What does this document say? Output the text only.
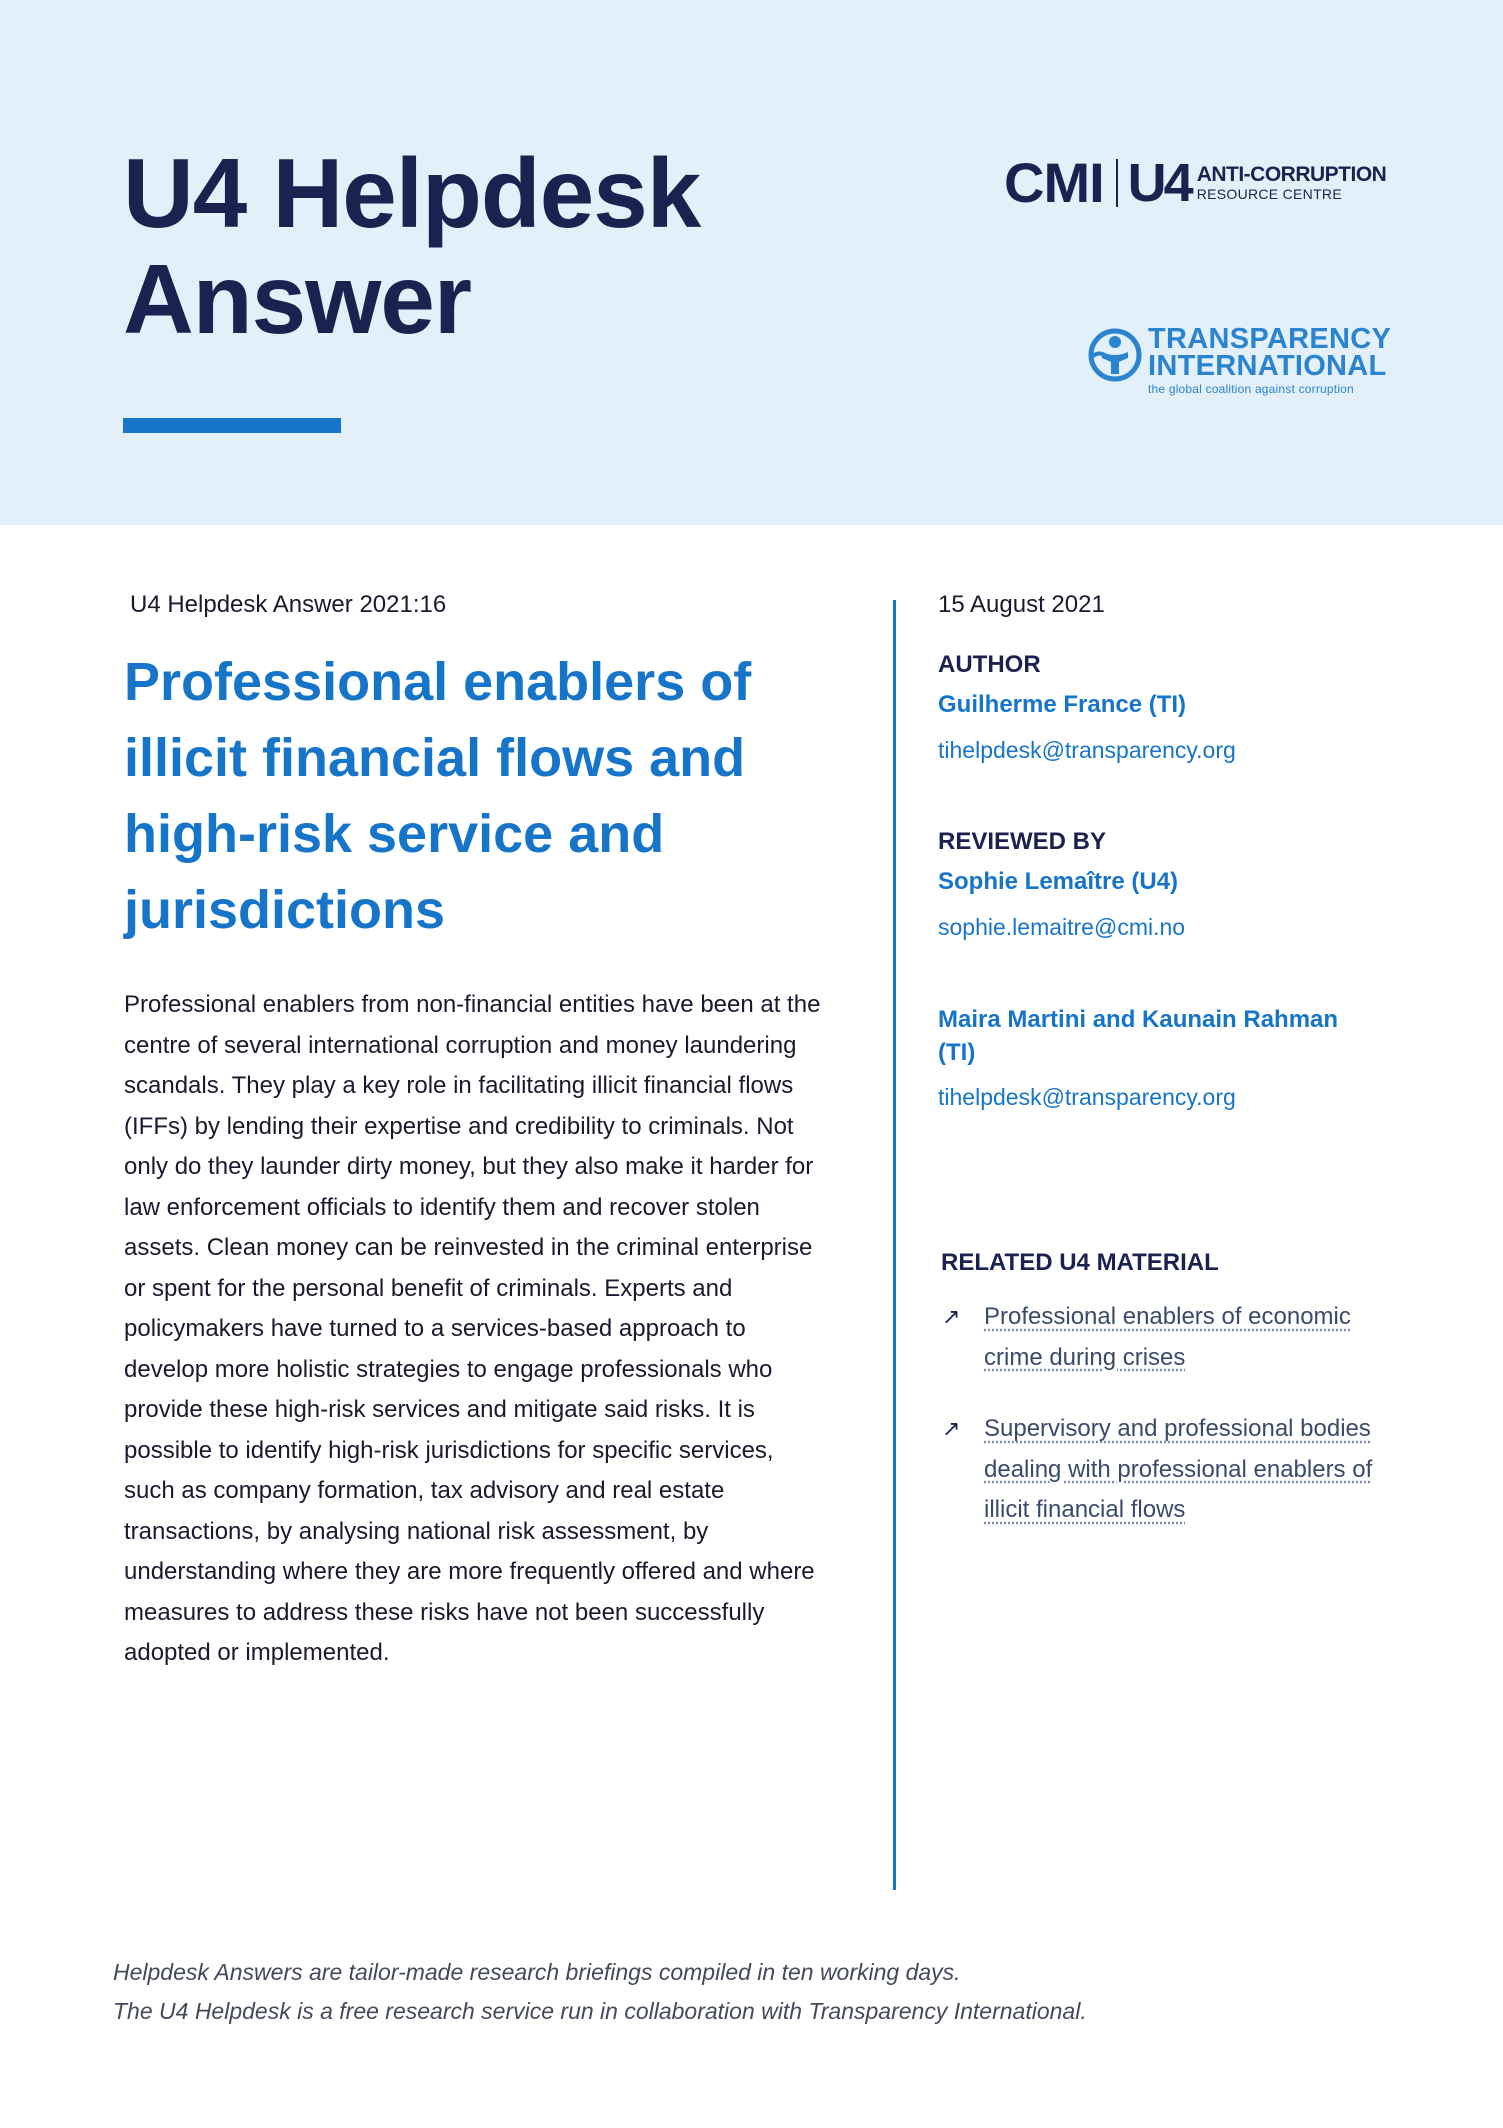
U4 Helpdesk
Answer
CMI U4 ANTI-CORRUPTION
RESOURCE CENTRE
TRANSPARENCY
INTERNATIONAL
the global coalition against corruption
U4 Helpdesk Answer 2021:16
Professional enablers of illicit financial flows and high-risk service and jurisdictions

Professional enablers from non-financial entities have been at the centre of several international corruption and money laundering scandals. They play a key role in facilitating illicit financial flows (IFFs) by lending their expertise and credibility to criminals. Not only do they launder dirty money, but they also make it harder for law enforcement officials to identify them and recover stolen assets. Clean money can be reinvested in the criminal enterprise or spent for the personal benefit of criminals. Experts and policymakers have turned to a services-based approach to develop more holistic strategies to engage professionals who provide these high-risk services and mitigate said risks. It is possible to identify high-risk jurisdictions for specific services, such as company formation, tax advisory and real estate transactions, by analysing national risk assessment, by understanding where they are more frequently offered and where measures to address these risks have not been successfully adopted or implemented.

15 August 2021

AUTHOR

Guilherme France (TI)

tihelpdesk@transparency.org

REVIEWED BY

Sophie Lemaître (U4)

sophie.lemaitre@cmi.no

Maira Martini and Kaunain Rahman (TI)

tihelpdesk@transparency.org

RELATED U4 MATERIAL

↗ Professional enablers of economic crime during crises
↗ Supervisory and professional bodies dealing with professional enablers of illicit financial flows

Helpdesk Answers are tailor-made research briefings compiled in ten working days.

The U4 Helpdesk is a free research service run in collaboration with Transparency International.
